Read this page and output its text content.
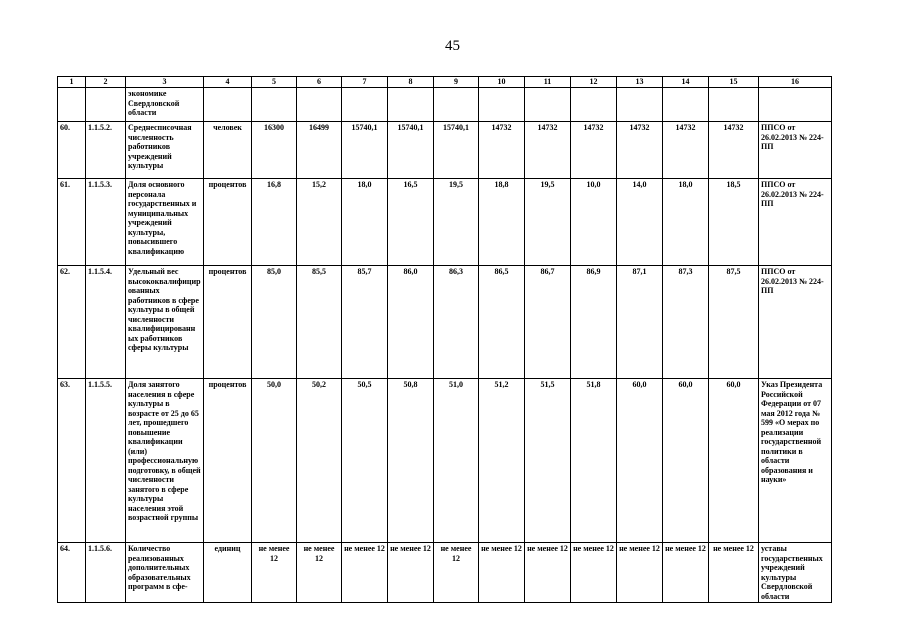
45
1	2	3	4	5	6	7	8	9	10	11	12	13	14	15	16
		экономике Свердловской области													
60.	1.1.5.2.	Среднесписочная численность работников учреждений культуры	человек	16300	16499	15740,1	15740,1	15740,1	14732	14732	14732	14732	14732	14732	ППСО от 26.02.2013 № 224-ПП
61.	1.1.5.3.	Доля основного персонала государственных и муниципальных учреждений культуры, повысившего квалификацию	процентов	16,8	15,2	18,0	16,5	19,5	18,8	19,5	10,0	14,0	18,0	18,5	ППСО от 26.02.2013 № 224-ПП
62.	1.1.5.4.	Удельный вес высококвалифицированных работников в сфере культуры в общей численности квалифицированных работников сферы культуры	процентов	85,0	85,5	85,7	86,0	86,3	86,5	86,7	86,9	87,1	87,3	87,5	ППСО от 26.02.2013 № 224-ПП
63.	1.1.5.5.	Доля занятого населения в сфере культуры в возрасте от 25 до 65 лет, прошедшего повышение квалификации (или) профессиональную подготовку, в общей численности занятого в сфере культуры населения этой возрастной группы	процентов	50,0	50,2	50,5	50,8	51,0	51,2	51,5	51,8	60,0	60,0	60,0	Указ Президента Российской Федерации от 07 мая 2012 года № 599 «О мерах по реализации государственной политики в области образования и науки»
64.	1.1.5.6.	Количество реализованных дополнительных образовательных программ в сфе-	единиц	не менее 12	не менее 12	не менее 12	не менее 12	не менее 12	не менее 12	не менее 12	не менее 12	не менее 12	не менее 12	не менее 12	уставы государственных учреждений культуры Свердловской области
